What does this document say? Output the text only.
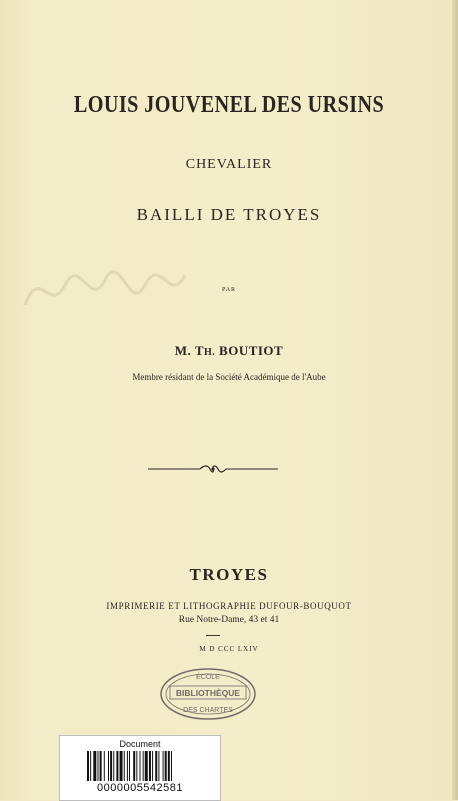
LOUIS JOUVENEL DES URSINS
CHEVALIER
BAILLI DE TROYES
PAR
M. TH. BOUTIOT
Membre résidant de la Société Académique de l'Aube
TROYES
IMPRIMERIE ET LITHOGRAPHIE DUFOUR-BOUQUOT
Rue Notre-Dame, 43 et 41
M D CCC LXIV
ÉCOLE
BIBLIOTHÈQUE
DES CHARTES
Document
0000005542581
